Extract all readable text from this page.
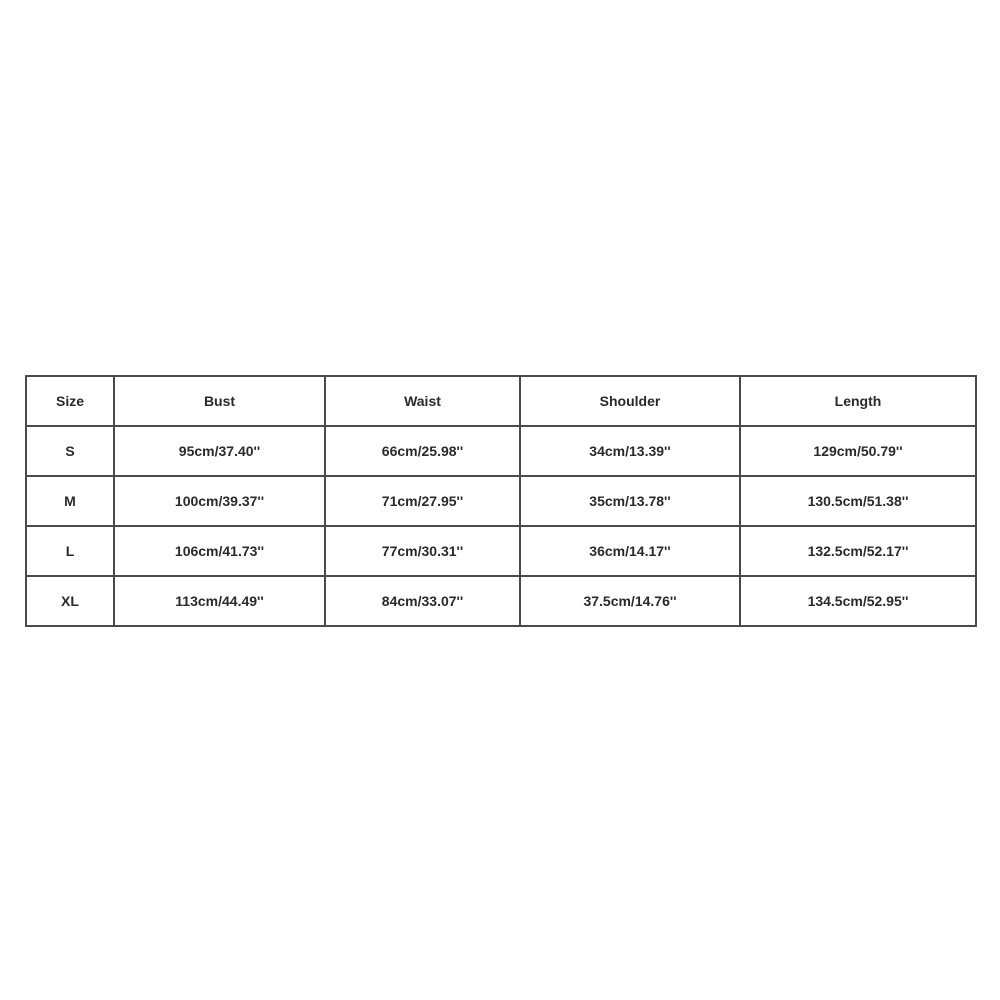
Size	Bust	Waist	Shoulder	Length
S	95cm/37.40''	66cm/25.98''	34cm/13.39''	129cm/50.79''
M	100cm/39.37''	71cm/27.95''	35cm/13.78''	130.5cm/51.38''
L	106cm/41.73''	77cm/30.31''	36cm/14.17''	132.5cm/52.17''
XL	113cm/44.49''	84cm/33.07''	37.5cm/14.76''	134.5cm/52.95''
